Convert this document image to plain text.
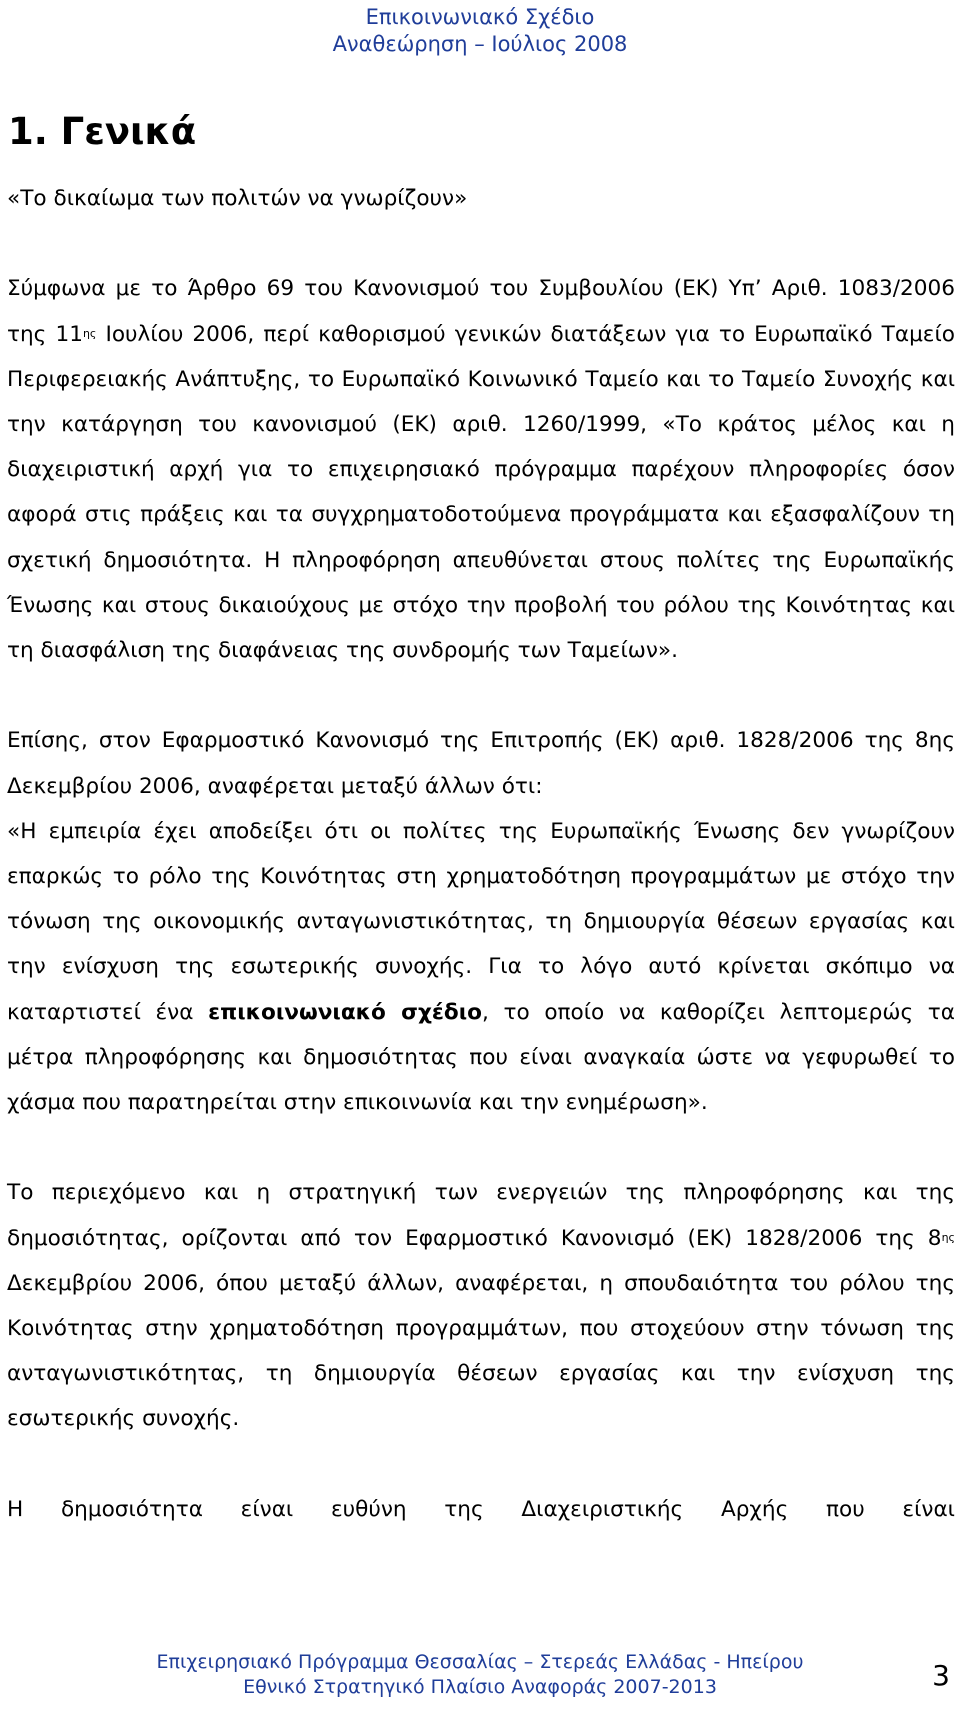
Επικοινωνιακό Σχέδιο
Αναθεώρηση – Ιούλιος 2008
1. Γενικά

«Το δικαίωμα των πολιτών να γνωρίζουν»

Σύμφωνα με το Άρθρο 69 του Κανονισμού του Συμβουλίου (ΕΚ) Υπ’ Αριθ. 1083/2006 της $11^{\eta\varsigma}$ Ιουλίου 2006, περί καθορισμού γενικών διατάξεων για το Ευρωπαϊκό Ταμείο Περιφερειακής Ανάπτυξης, το Ευρωπαϊκό Κοινωνικό Ταμείο και το Ταμείο Συνοχής και την κατάργηση του κανονισμού (ΕΚ) αριθ. 1260/1999, «Το κράτος μέλος και η διαχειριστική αρχή για το επιχειρησιακό πρόγραμμα παρέχουν πληροφορίες όσον αφορά στις πράξεις και τα συγχρηματοδοτούμενα προγράμματα και εξασφαλίζουν τη σχετική δημοσιότητα. Η πληροφόρηση απευθύνεται στους πολίτες της Ευρωπαϊκής Ένωσης και στους δικαιούχους με στόχο την προβολή του ρόλου της Κοινότητας και τη διασφάλιση της διαφάνειας της συνδρομής των Ταμείων».

Επίσης, στον Εφαρμοστικό Κανονισμό της Επιτροπής (ΕΚ) αριθ. 1828/2006 της 8ης Δεκεμβρίου 2006, αναφέρεται μεταξύ άλλων ότι:

«Η εμπειρία έχει αποδείξει ότι οι πολίτες της Ευρωπαϊκής Ένωσης δεν γνωρίζουν επαρκώς το ρόλο της Κοινότητας στη χρηματοδότηση προγραμμάτων με στόχο την τόνωση της οικονομικής ανταγωνιστικότητας, τη δημιουργία θέσεων εργασίας και την ενίσχυση της εσωτερικής συνοχής. Για το λόγο αυτό κρίνεται σκόπιμο να καταρτιστεί ένα επικοινωνιακό σχέδιο, το οποίο να καθορίζει λεπτομερώς τα μέτρα πληροφόρησης και δημοσιότητας που είναι αναγκαία ώστε να γεφυρωθεί το χάσμα που παρατηρείται στην επικοινωνία και την ενημέρωση».

Το περιεχόμενο και η στρατηγική των ενεργειών της πληροφόρησης και της δημοσιότητας, ορίζονται από τον Εφαρμοστικό Κανονισμό (ΕΚ) 1828/2006 της $8^{\eta\varsigma}$ Δεκεμβρίου 2006, όπου μεταξύ άλλων, αναφέρεται, η σπουδαιότητα του ρόλου της Κοινότητας στην χρηματοδότηση προγραμμάτων, που στοχεύουν στην τόνωση της ανταγωνιστικότητας, τη δημιουργία θέσεων εργασίας και την ενίσχυση της εσωτερικής συνοχής.

Η δημοσιότητα είναι ευθύνη της Διαχειριστικής Αρχής που είναι

Επιχειρησιακό Πρόγραμμα Θεσσαλίας – Στερεάς Ελλάδας - Ηπείρου
Εθνικό Στρατηγικό Πλαίσιο Αναφοράς 2007-2013	3
